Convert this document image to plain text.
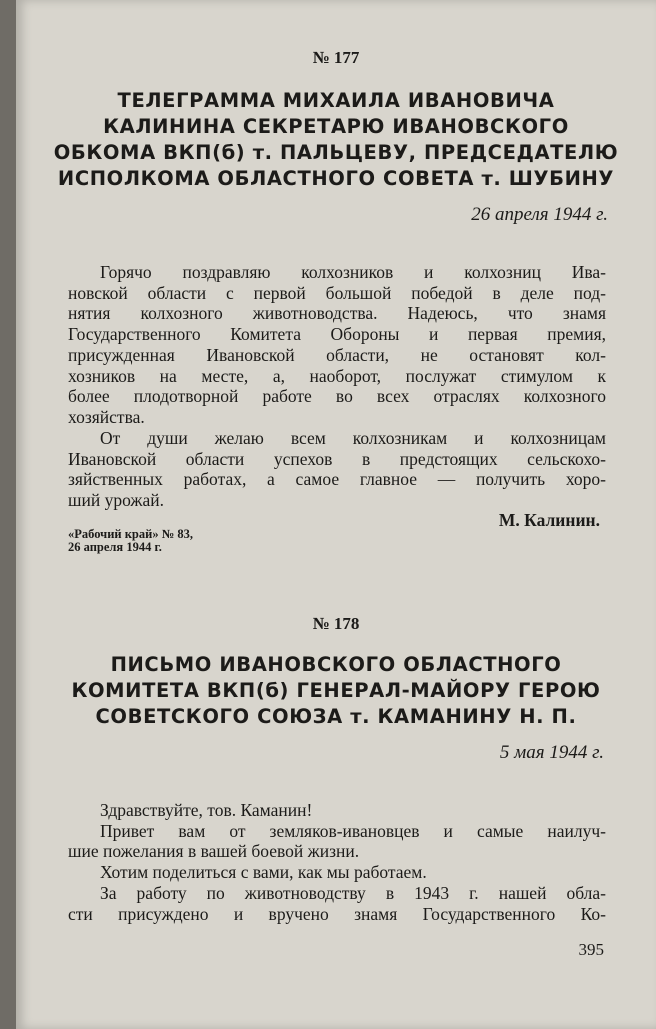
№ 177
ТЕЛЕГРАММА МИХАИЛА ИВАНОВИЧА
КАЛИНИНА СЕКРЕТАРЮ ИВАНОВСКОГО
ОБКОМА ВКП(б) т. ПАЛЬЦЕВУ, ПРЕДСЕДАТЕЛЮ
ИСПОЛКОМА ОБЛАСТНОГО СОВЕТА т. ШУБИНУ
26 апреля 1944 г.
Горячо поздравляю колхозников и колхозниц Ива-
новской области с первой большой победой в деле под-
нятия колхозного животноводства. Надеюсь, что знамя
Государственного Комитета Обороны и первая премия,
присужденная Ивановской области, не остановят кол-
хозников на месте, а, наоборот, послужат стимулом к
более плодотворной работе во всех отраслях колхозного
хозяйства.
От души желаю всем колхозникам и колхозницам
Ивановской области успехов в предстоящих сельскохо-
зяйственных работах, а самое главное — получить хоро-
ший урожай.
М. Калинин.
«Рабочий край» № 83,
26 апреля 1944 г.
№ 178
ПИСЬМО ИВАНОВСКОГО ОБЛАСТНОГО
КОМИТЕТА ВКП(б) ГЕНЕРАЛ-МАЙОРУ ГЕРОЮ
СОВЕТСКОГО СОЮЗА т. КАМАНИНУ Н. П.
5 мая 1944 г.
Здравствуйте, тов. Каманин!
Привет вам от земляков-ивановцев и самые наилуч-
шие пожелания в вашей боевой жизни.
Хотим поделиться с вами, как мы работаем.
За работу по животноводству в 1943 г. нашей обла-
сти присуждено и вручено знамя Государственного Ко-
395
